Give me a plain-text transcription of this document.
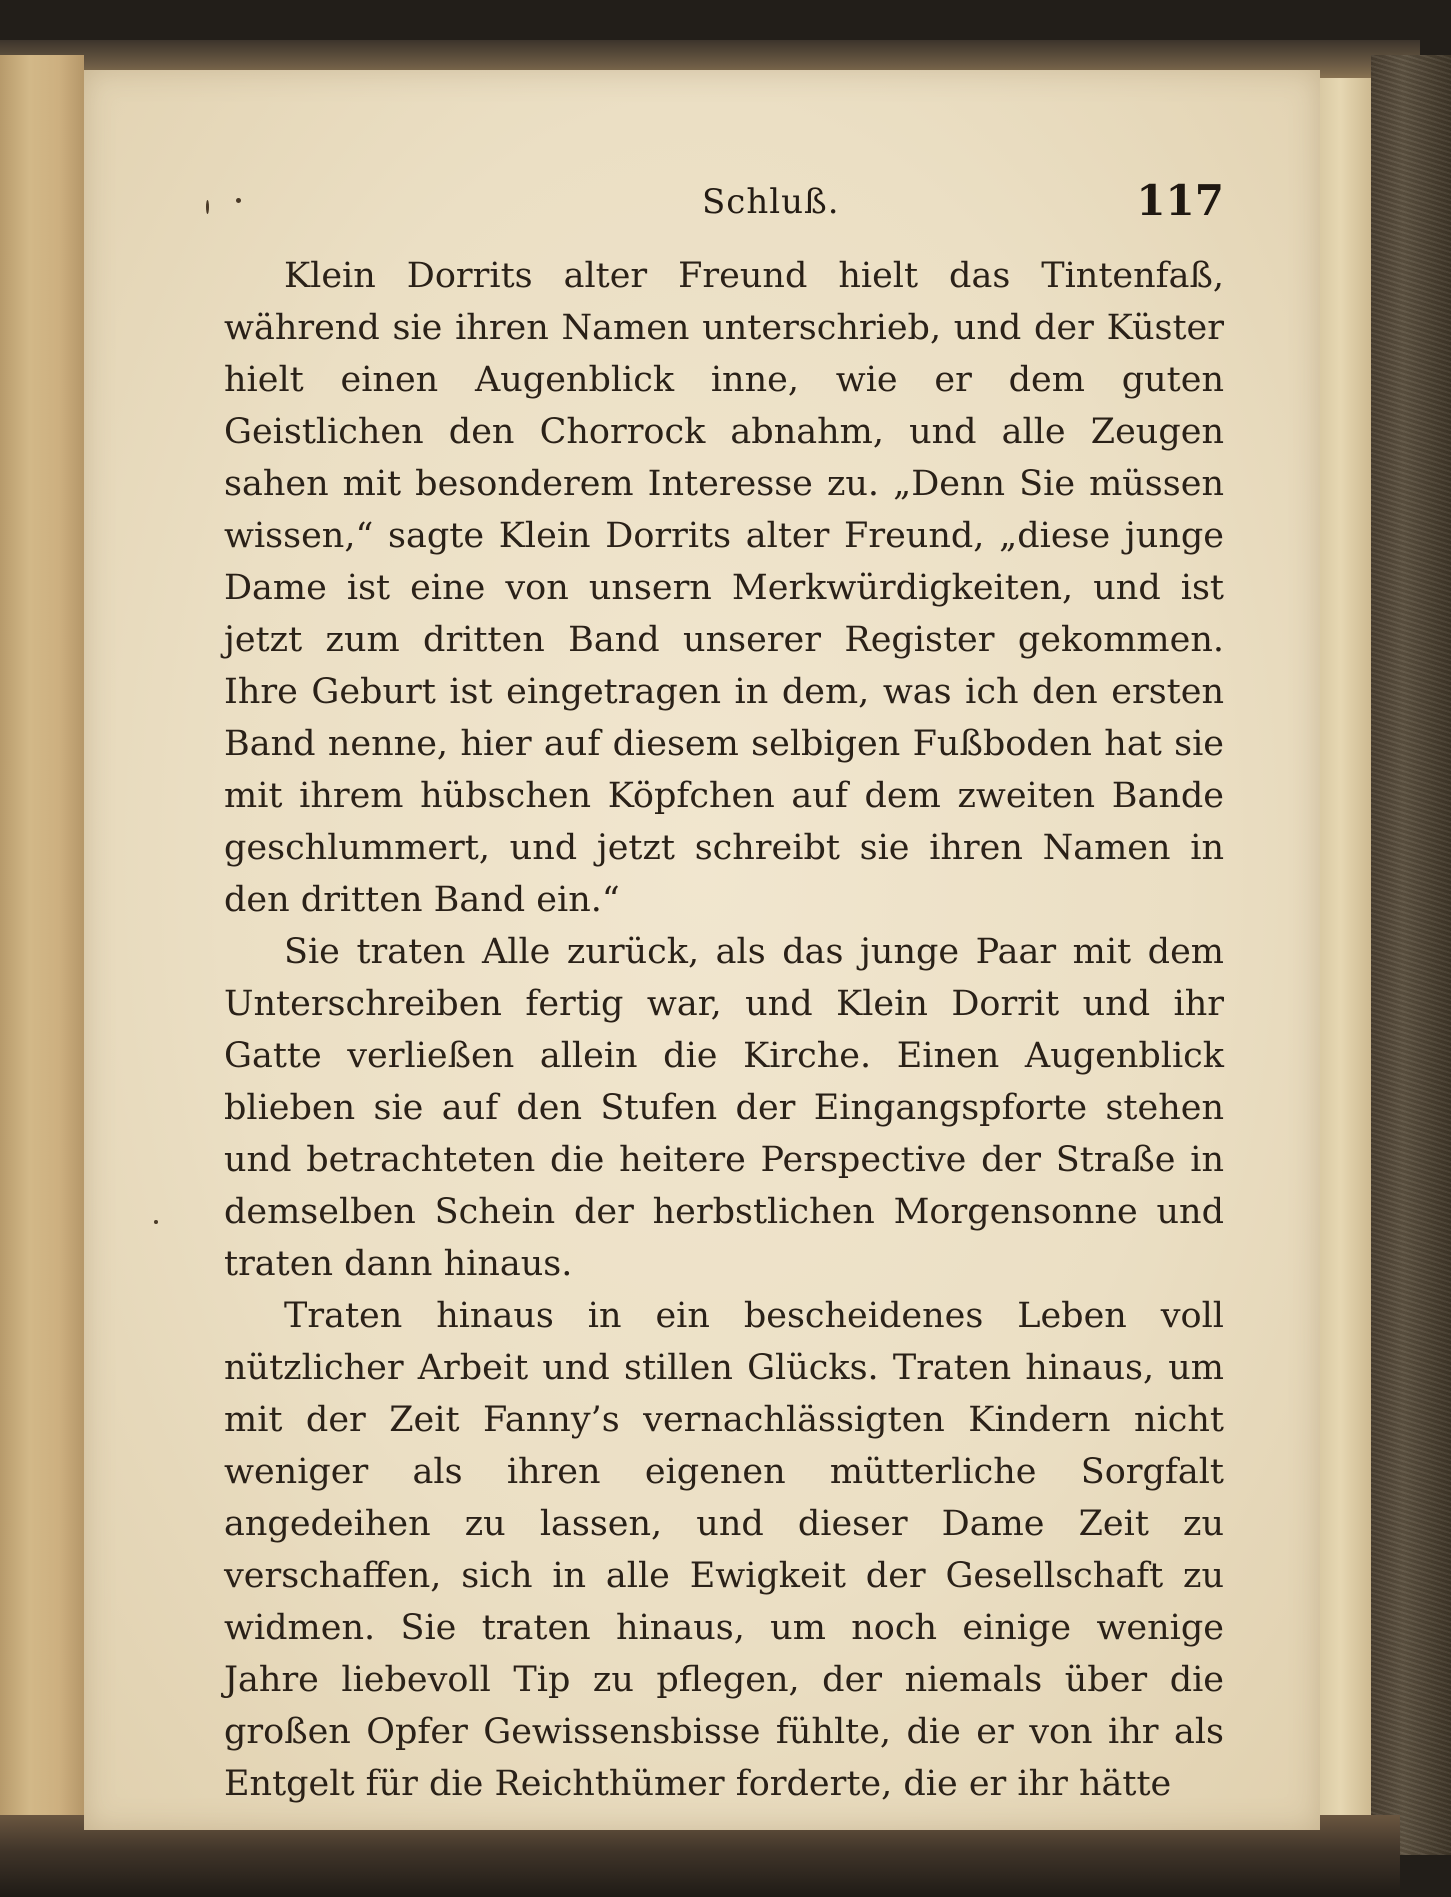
Schluß.	117

Klein Dorrits alter Freund hielt das Tintenfaß, während sie ihren Namen unterschrieb, und der Küster hielt einen Augenblick inne, wie er dem guten Geistlichen den Chorrock abnahm, und alle Zeugen sahen mit besonderem Interesse zu. „Denn Sie müssen wissen,“ sagte Klein Dorrits alter Freund, „diese junge Dame ist eine von unsern Merkwürdigkeiten, und ist jetzt zum dritten Band unserer Register gekommen. Ihre Geburt ist eingetragen in dem, was ich den ersten Band nenne, hier auf diesem selbigen Fußboden hat sie mit ihrem hübschen Köpfchen auf dem zweiten Bande geschlummert, und jetzt schreibt sie ihren Namen in den dritten Band ein.“

Sie traten Alle zurück, als das junge Paar mit dem Unterschreiben fertig war, und Klein Dorrit und ihr Gatte verließen allein die Kirche. Einen Augenblick blieben sie auf den Stufen der Eingangspforte stehen und betrachteten die heitere Perspective der Straße in demselben Schein der herbstlichen Morgensonne und traten dann hinaus.

Traten hinaus in ein bescheidenes Leben voll nützlicher Arbeit und stillen Glücks. Traten hinaus, um mit der Zeit Fanny’s vernachlässigten Kindern nicht weniger als ihren eigenen mütterliche Sorgfalt angedeihen zu lassen, und dieser Dame Zeit zu verschaffen, sich in alle Ewigkeit der Gesellschaft zu widmen. Sie traten hinaus, um noch einige wenige Jahre liebevoll Tip zu pflegen, der niemals über die großen Opfer Gewissensbisse fühlte, die er von ihr als Entgelt für die Reichthümer forderte, die er ihr hätte
